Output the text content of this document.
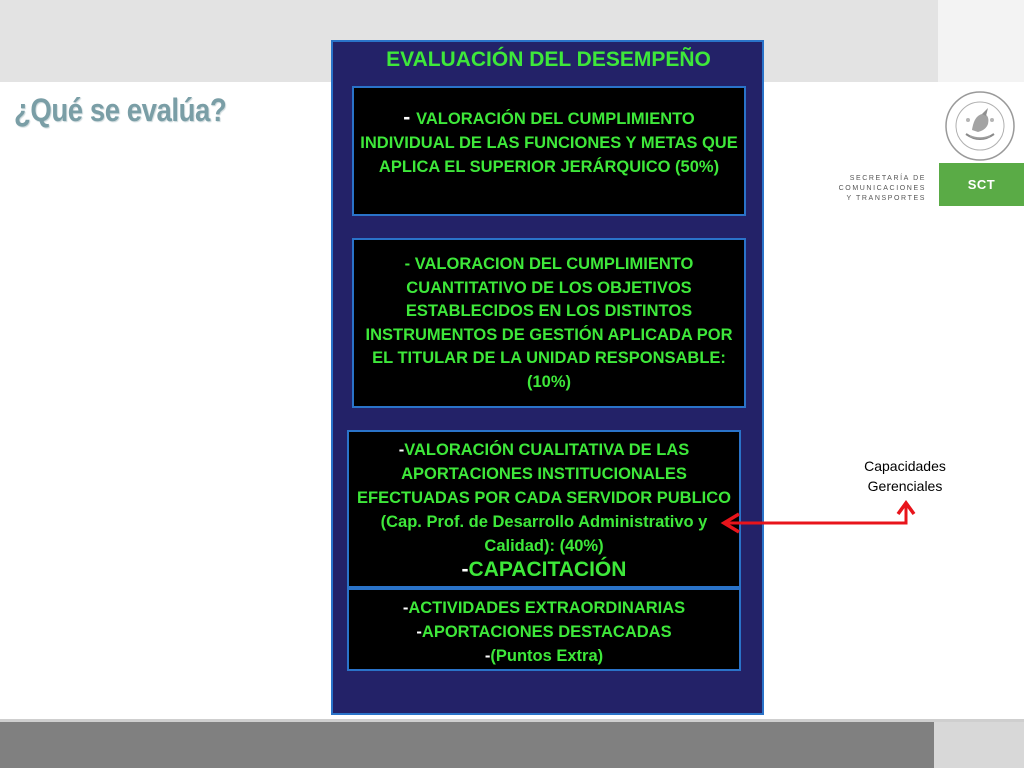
¿Qué se evalúa?
SECRETARÍA DE
COMUNICACIONES
Y TRANSPORTES
SCT
EVALUACIÓN DEL DESEMPEÑO
- VALORACIÓN DEL CUMPLIMIENTO INDIVIDUAL DE LAS FUNCIONES Y METAS QUE APLICA EL SUPERIOR JERÁRQUICO (50%)
- VALORACION DEL CUMPLIMIENTO CUANTITATIVO DE LOS OBJETIVOS ESTABLECIDOS EN LOS DISTINTOS INSTRUMENTOS DE GESTIÓN APLICADA POR EL TITULAR DE LA UNIDAD RESPONSABLE: (10%)
-VALORACIÓN CUALITATIVA DE LAS APORTACIONES INSTITUCIONALES EFECTUADAS POR CADA SERVIDOR PUBLICO (Cap. Prof. de Desarrollo Administrativo y Calidad): (40%)
-CAPACITACIÓN
-ACTIVIDADES EXTRAORDINARIAS
-APORTACIONES DESTACADAS
-(Puntos Extra)
Capacidades
Gerenciales
